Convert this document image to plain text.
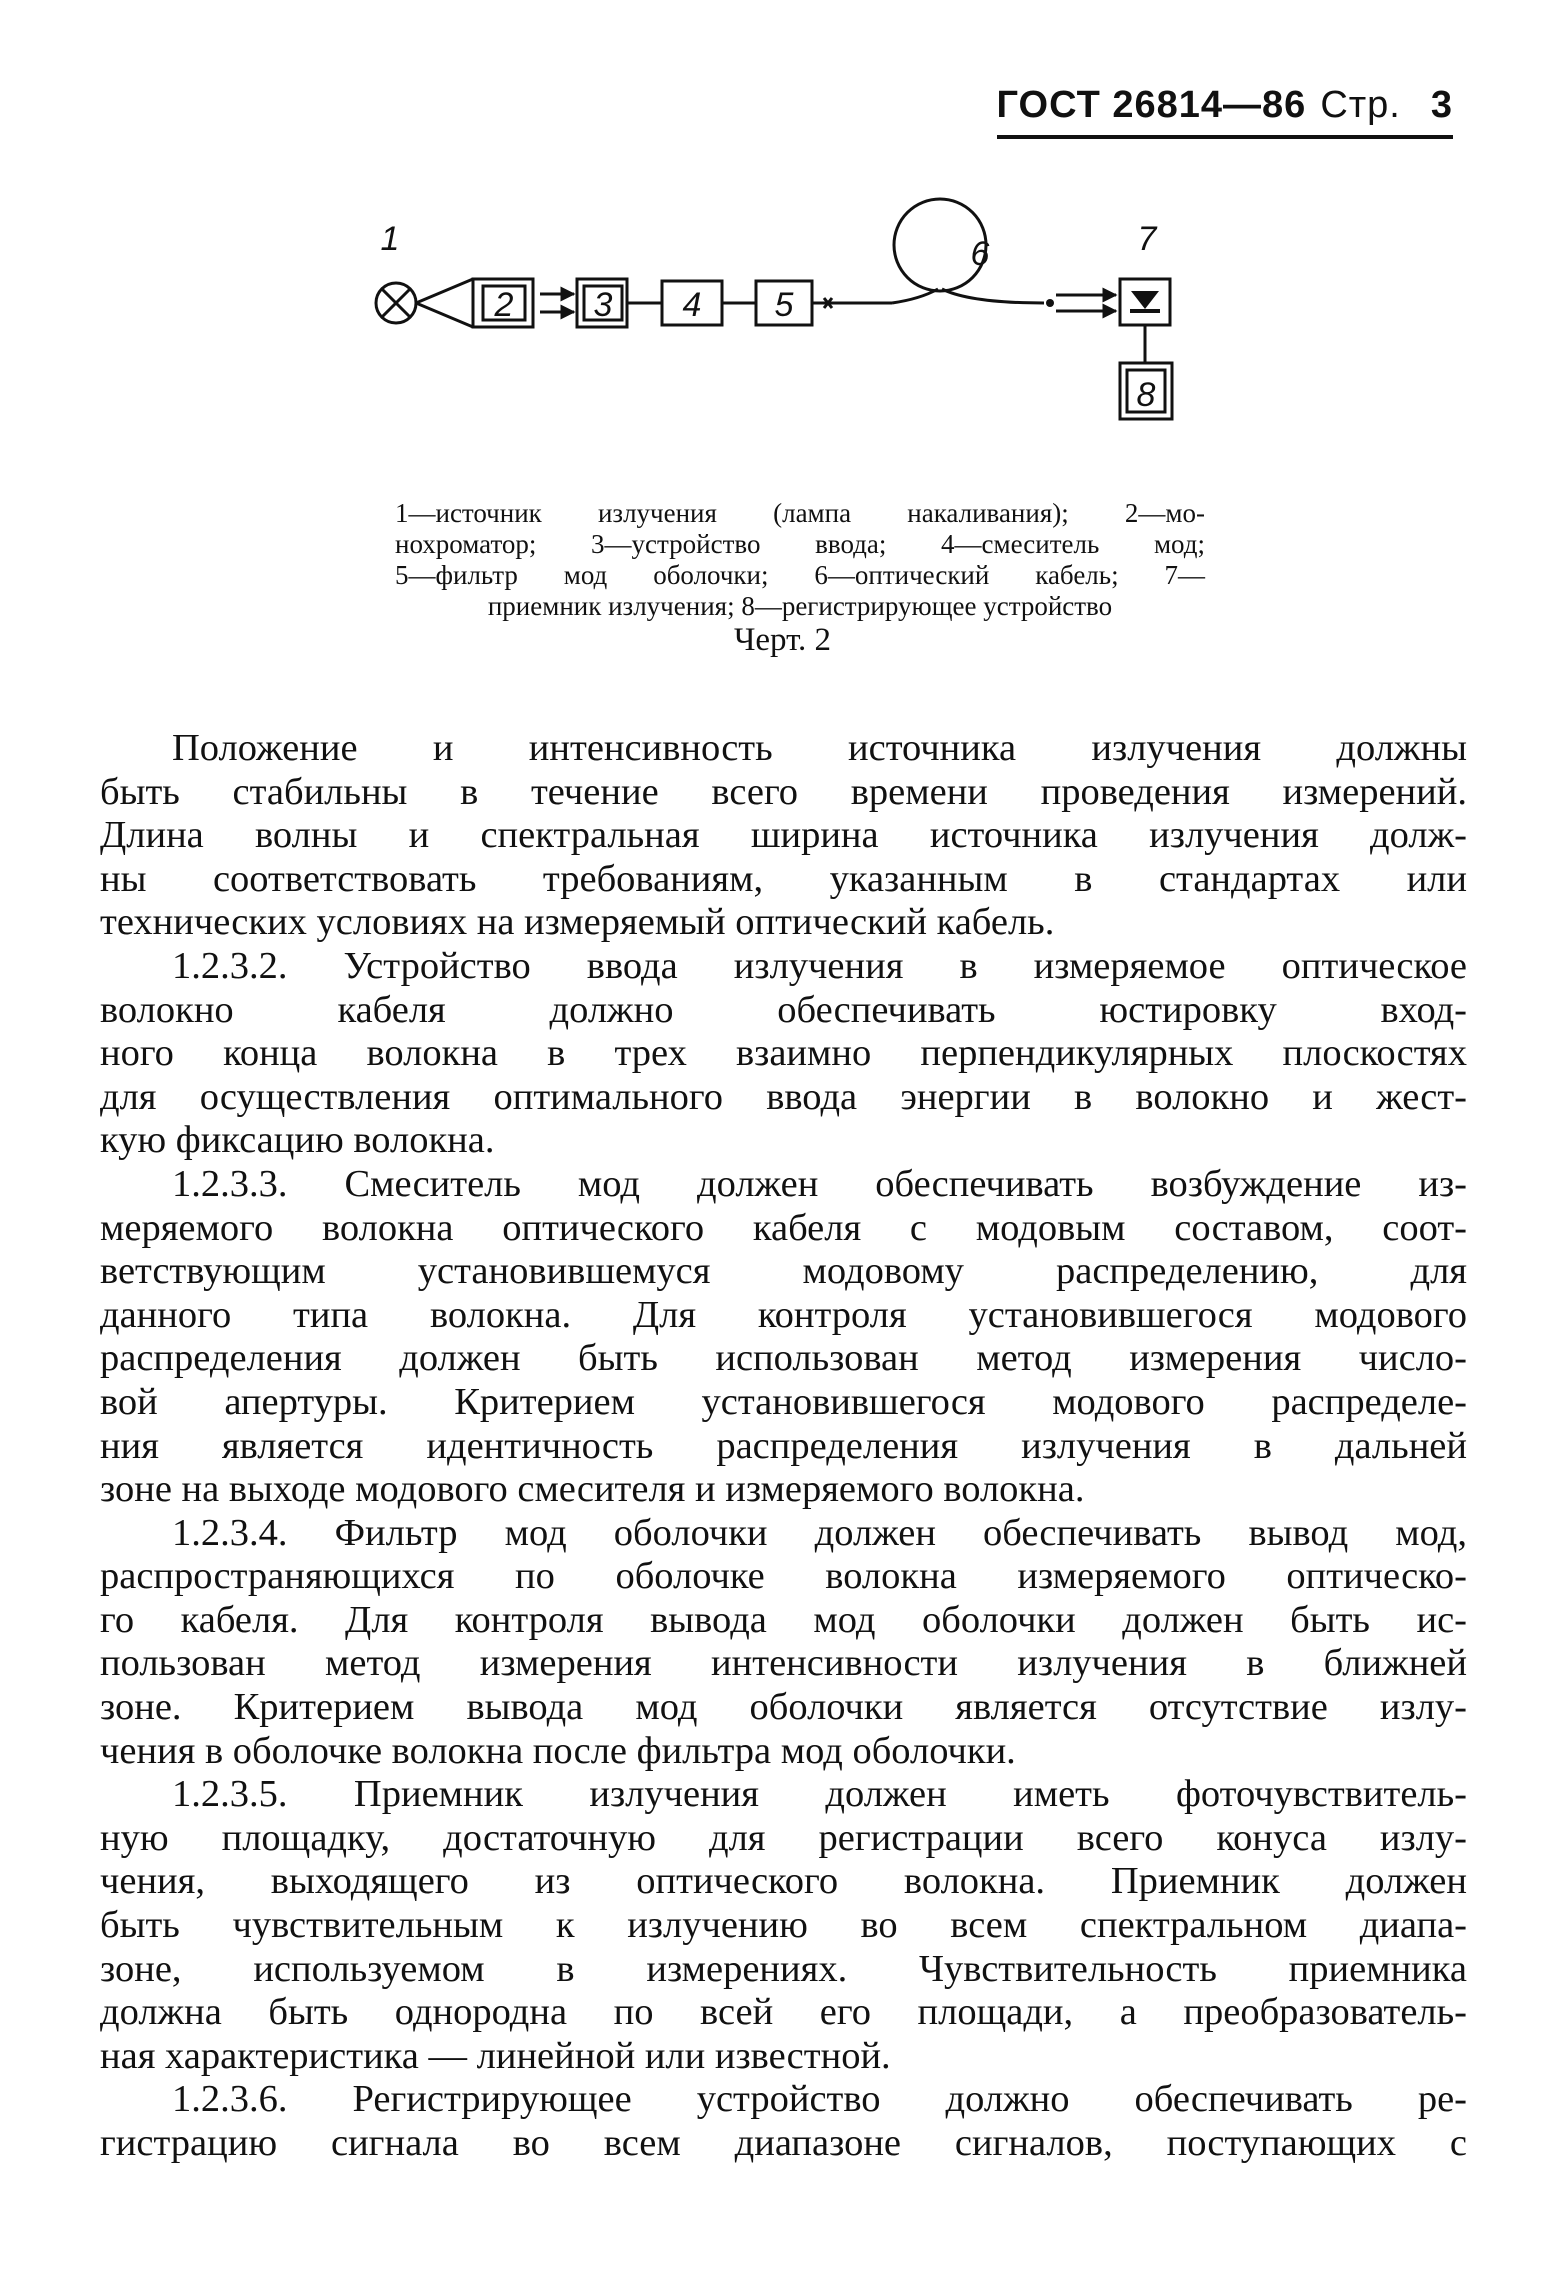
ГОСТ 26814—86 Стр. 3
1
2 3 4 5
6	7
8

1—источник излучения (лампа накаливания); 2—мо-

нохроматор; 3—устройство ввода; 4—смеситель мод;

5—фильтр мод оболочки; 6—оптический кабель; 7—

приемник излучения; 8—регистрирующее устройство

Черт. 2
Положение и интенсивность источника излучения должны
быть стабильны в течение всего времени проведения измерений.
Длина волны и спектральная ширина источника излучения долж-
ны соответствовать требованиям, указанным в стандартах или
технических условиях на измеряемый оптический кабель.
1.2.3.2. Устройство ввода излучения в измеряемое оптическое
волокно кабеля должно обеспечивать юстировку вход-
ного конца волокна в трех взаимно перпендикулярных плоскостях
для осуществления оптимального ввода энергии в волокно и жест-
кую фиксацию волокна.
1.2.3.3. Смеситель мод должен обеспечивать возбуждение из-
меряемого волокна оптического кабеля с модовым составом, соот-
ветствующим установившемуся модовому распределению, для
данного типа волокна. Для контроля установившегося модового
распределения должен быть использован метод измерения число-
вой апертуры. Критерием установившегося модового распределе-
ния является идентичность распределения излучения в дальней
зоне на выходе модового смесителя и измеряемого волокна.
1.2.3.4. Фильтр мод оболочки должен обеспечивать вывод мод,
распространяющихся по оболочке волокна измеряемого оптическо-
го кабеля. Для контроля вывода мод оболочки должен быть ис-
пользован метод измерения интенсивности излучения в ближней
зоне. Критерием вывода мод оболочки является отсутствие излу-
чения в оболочке волокна после фильтра мод оболочки.
1.2.3.5. Приемник излучения должен иметь фоточувствитель-
ную площадку, достаточную для регистрации всего конуса излу-
чения, выходящего из оптического волокна. Приемник должен
быть чувствительным к излучению во всем спектральном диапа-
зоне, используемом в измерениях. Чувствительность приемника
должна быть однородна по всей его площади, а преобразователь-
ная характеристика — линейной или известной.
1.2.3.6. Регистрирующее устройство должно обеспечивать ре-
гистрацию сигнала во всем диапазоне сигналов, поступающих с
